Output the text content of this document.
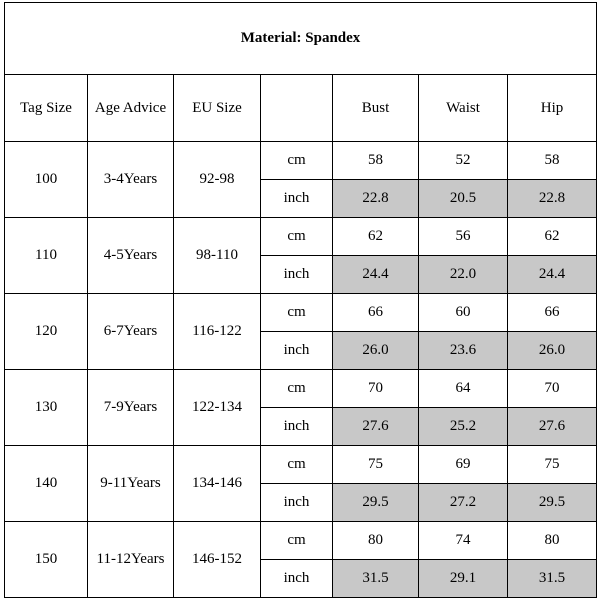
Material: Spandex						
Tag Size	Age Advice	EU Size		Bust	Waist	Hip
100	3-4Years	92-98	cm	58	52	58
			inch	22.8	20.5	22.8

110	4-5Years	98-110	cm	62	56	62
			inch	24.4	22.0	24.4

120	6-7Years	116-122	cm	66	60	66
			inch	26.0	23.6	26.0

130	7-9Years	122-134	cm	70	64	70
			inch	27.6	25.2	27.6

140	9-11Years	134-146	cm	75	69	75
			inch	29.5	27.2	29.5

150	11-12Years	146-152	cm	80	74	80
			inch	31.5	29.1	31.5
